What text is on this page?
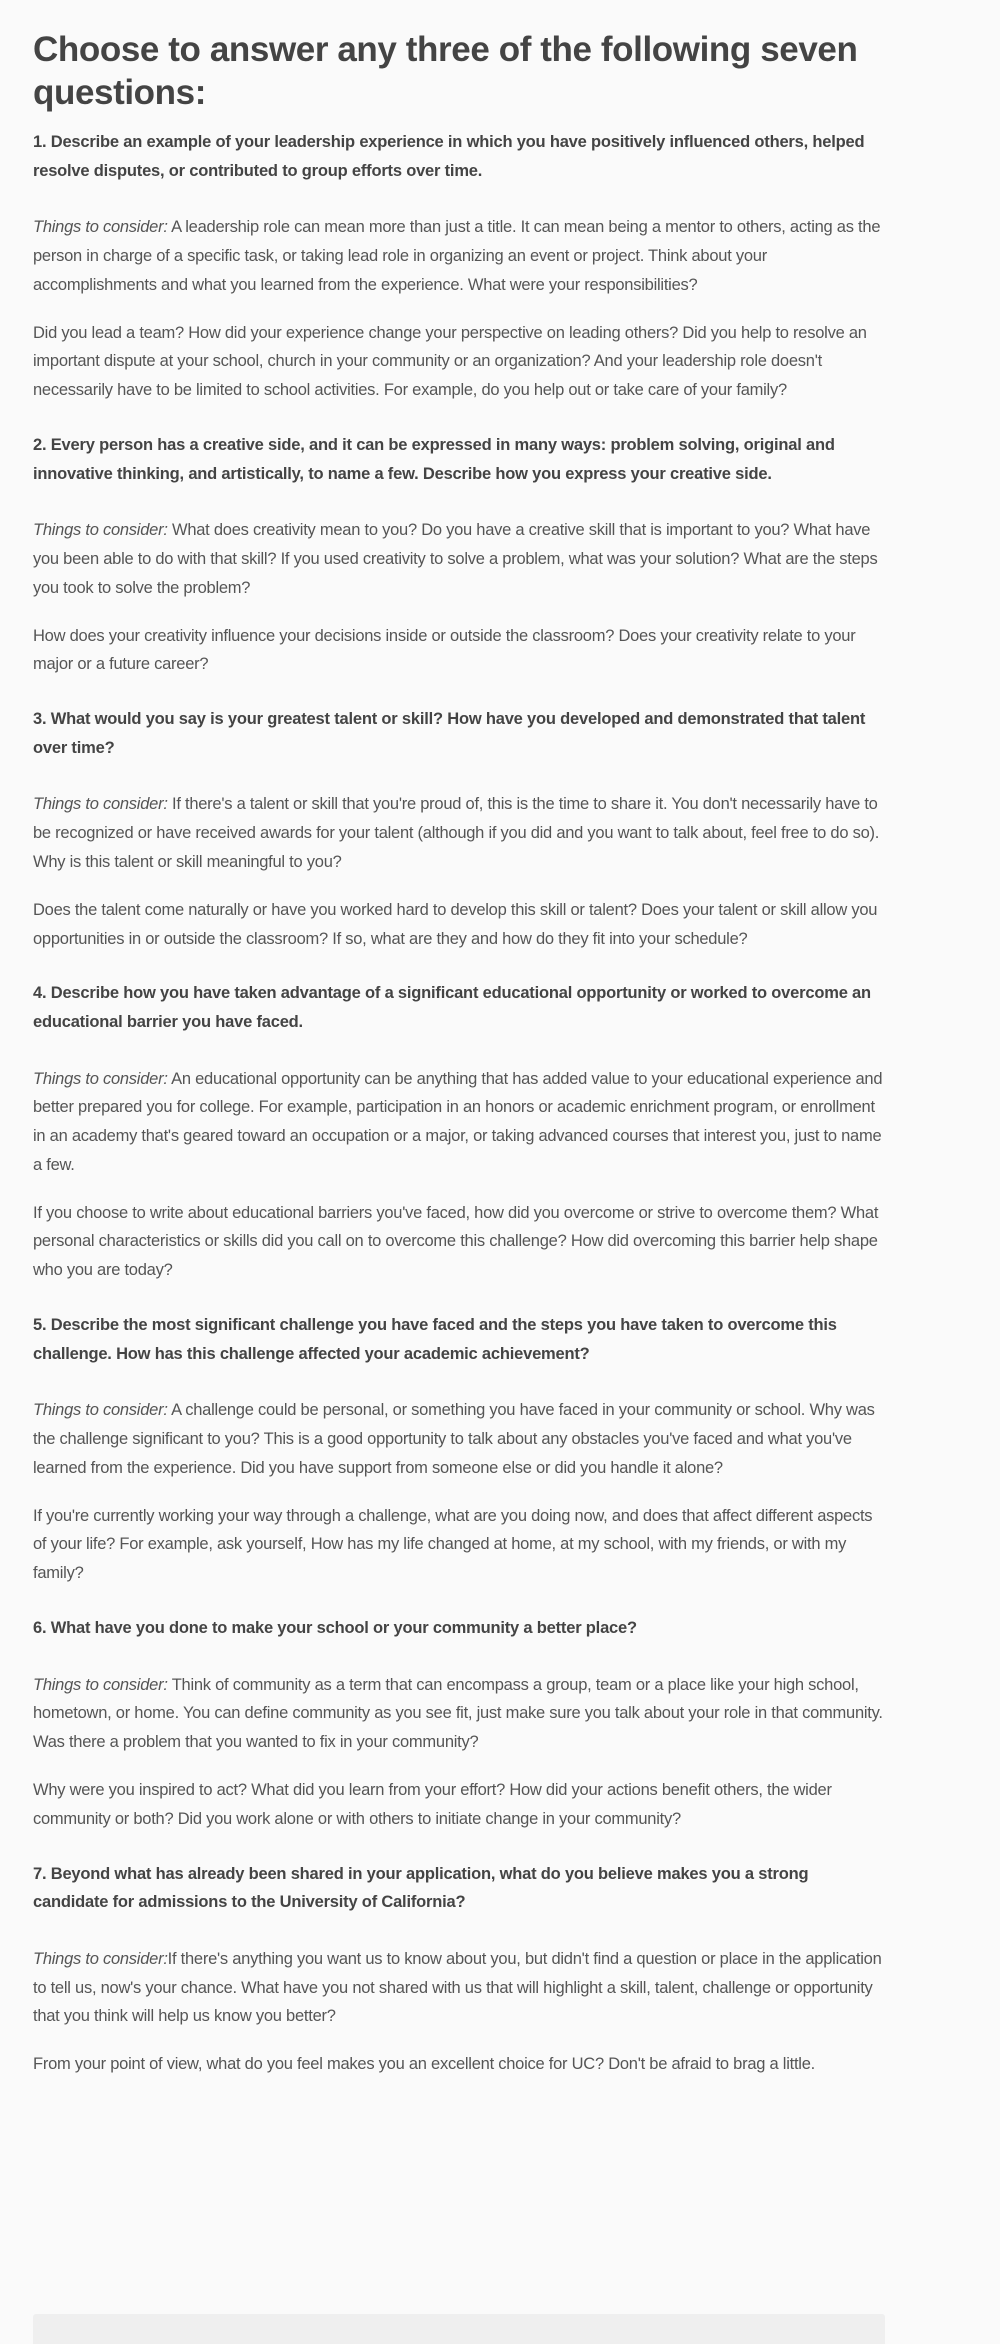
Choose to answer any three of the following seven questions:

1. Describe an example of your leadership experience in which you have positively influenced others, helped resolve disputes, or contributed to group efforts over time.

Things to consider: A leadership role can mean more than just a title. It can mean being a mentor to others, acting as the person in charge of a specific task, or taking lead role in organizing an event or project. Think about your accomplishments and what you learned from the experience. What were your responsibilities?

Did you lead a team? How did your experience change your perspective on leading others? Did you help to resolve an important dispute at your school, church in your community or an organization? And your leadership role doesn't necessarily have to be limited to school activities. For example, do you help out or take care of your family?

2. Every person has a creative side, and it can be expressed in many ways: problem solving, original and innovative thinking, and artistically, to name a few. Describe how you express your creative side.

Things to consider: What does creativity mean to you? Do you have a creative skill that is important to you? What have you been able to do with that skill? If you used creativity to solve a problem, what was your solution? What are the steps you took to solve the problem?

How does your creativity influence your decisions inside or outside the classroom? Does your creativity relate to your major or a future career?

3. What would you say is your greatest talent or skill? How have you developed and demonstrated that talent over time?

Things to consider: If there's a talent or skill that you're proud of, this is the time to share it. You don't necessarily have to be recognized or have received awards for your talent (although if you did and you want to talk about, feel free to do so). Why is this talent or skill meaningful to you?

Does the talent come naturally or have you worked hard to develop this skill or talent? Does your talent or skill allow you opportunities in or outside the classroom? If so, what are they and how do they fit into your schedule?

4. Describe how you have taken advantage of a significant educational opportunity or worked to overcome an educational barrier you have faced.

Things to consider: An educational opportunity can be anything that has added value to your educational experience and better prepared you for college. For example, participation in an honors or academic enrichment program, or enrollment in an academy that's geared toward an occupation or a major, or taking advanced courses that interest you, just to name a few.

If you choose to write about educational barriers you've faced, how did you overcome or strive to overcome them? What personal characteristics or skills did you call on to overcome this challenge? How did overcoming this barrier help shape who you are today?

5. Describe the most significant challenge you have faced and the steps you have taken to overcome this challenge. How has this challenge affected your academic achievement?

Things to consider: A challenge could be personal, or something you have faced in your community or school. Why was the challenge significant to you? This is a good opportunity to talk about any obstacles you've faced and what you've learned from the experience. Did you have support from someone else or did you handle it alone?

If you're currently working your way through a challenge, what are you doing now, and does that affect different aspects of your life? For example, ask yourself, How has my life changed at home, at my school, with my friends, or with my family?

6. What have you done to make your school or your community a better place?

Things to consider: Think of community as a term that can encompass a group, team or a place like your high school, hometown, or home. You can define community as you see fit, just make sure you talk about your role in that community. Was there a problem that you wanted to fix in your community?

Why were you inspired to act? What did you learn from your effort? How did your actions benefit others, the wider community or both? Did you work alone or with others to initiate change in your community?

7. Beyond what has already been shared in your application, what do you believe makes you a strong candidate for admissions to the University of California?

Things to consider:If there's anything you want us to know about you, but didn't find a question or place in the application to tell us, now's your chance. What have you not shared with us that will highlight a skill, talent, challenge or opportunity that you think will help us know you better?

From your point of view, what do you feel makes you an excellent choice for UC? Don't be afraid to brag a little.
